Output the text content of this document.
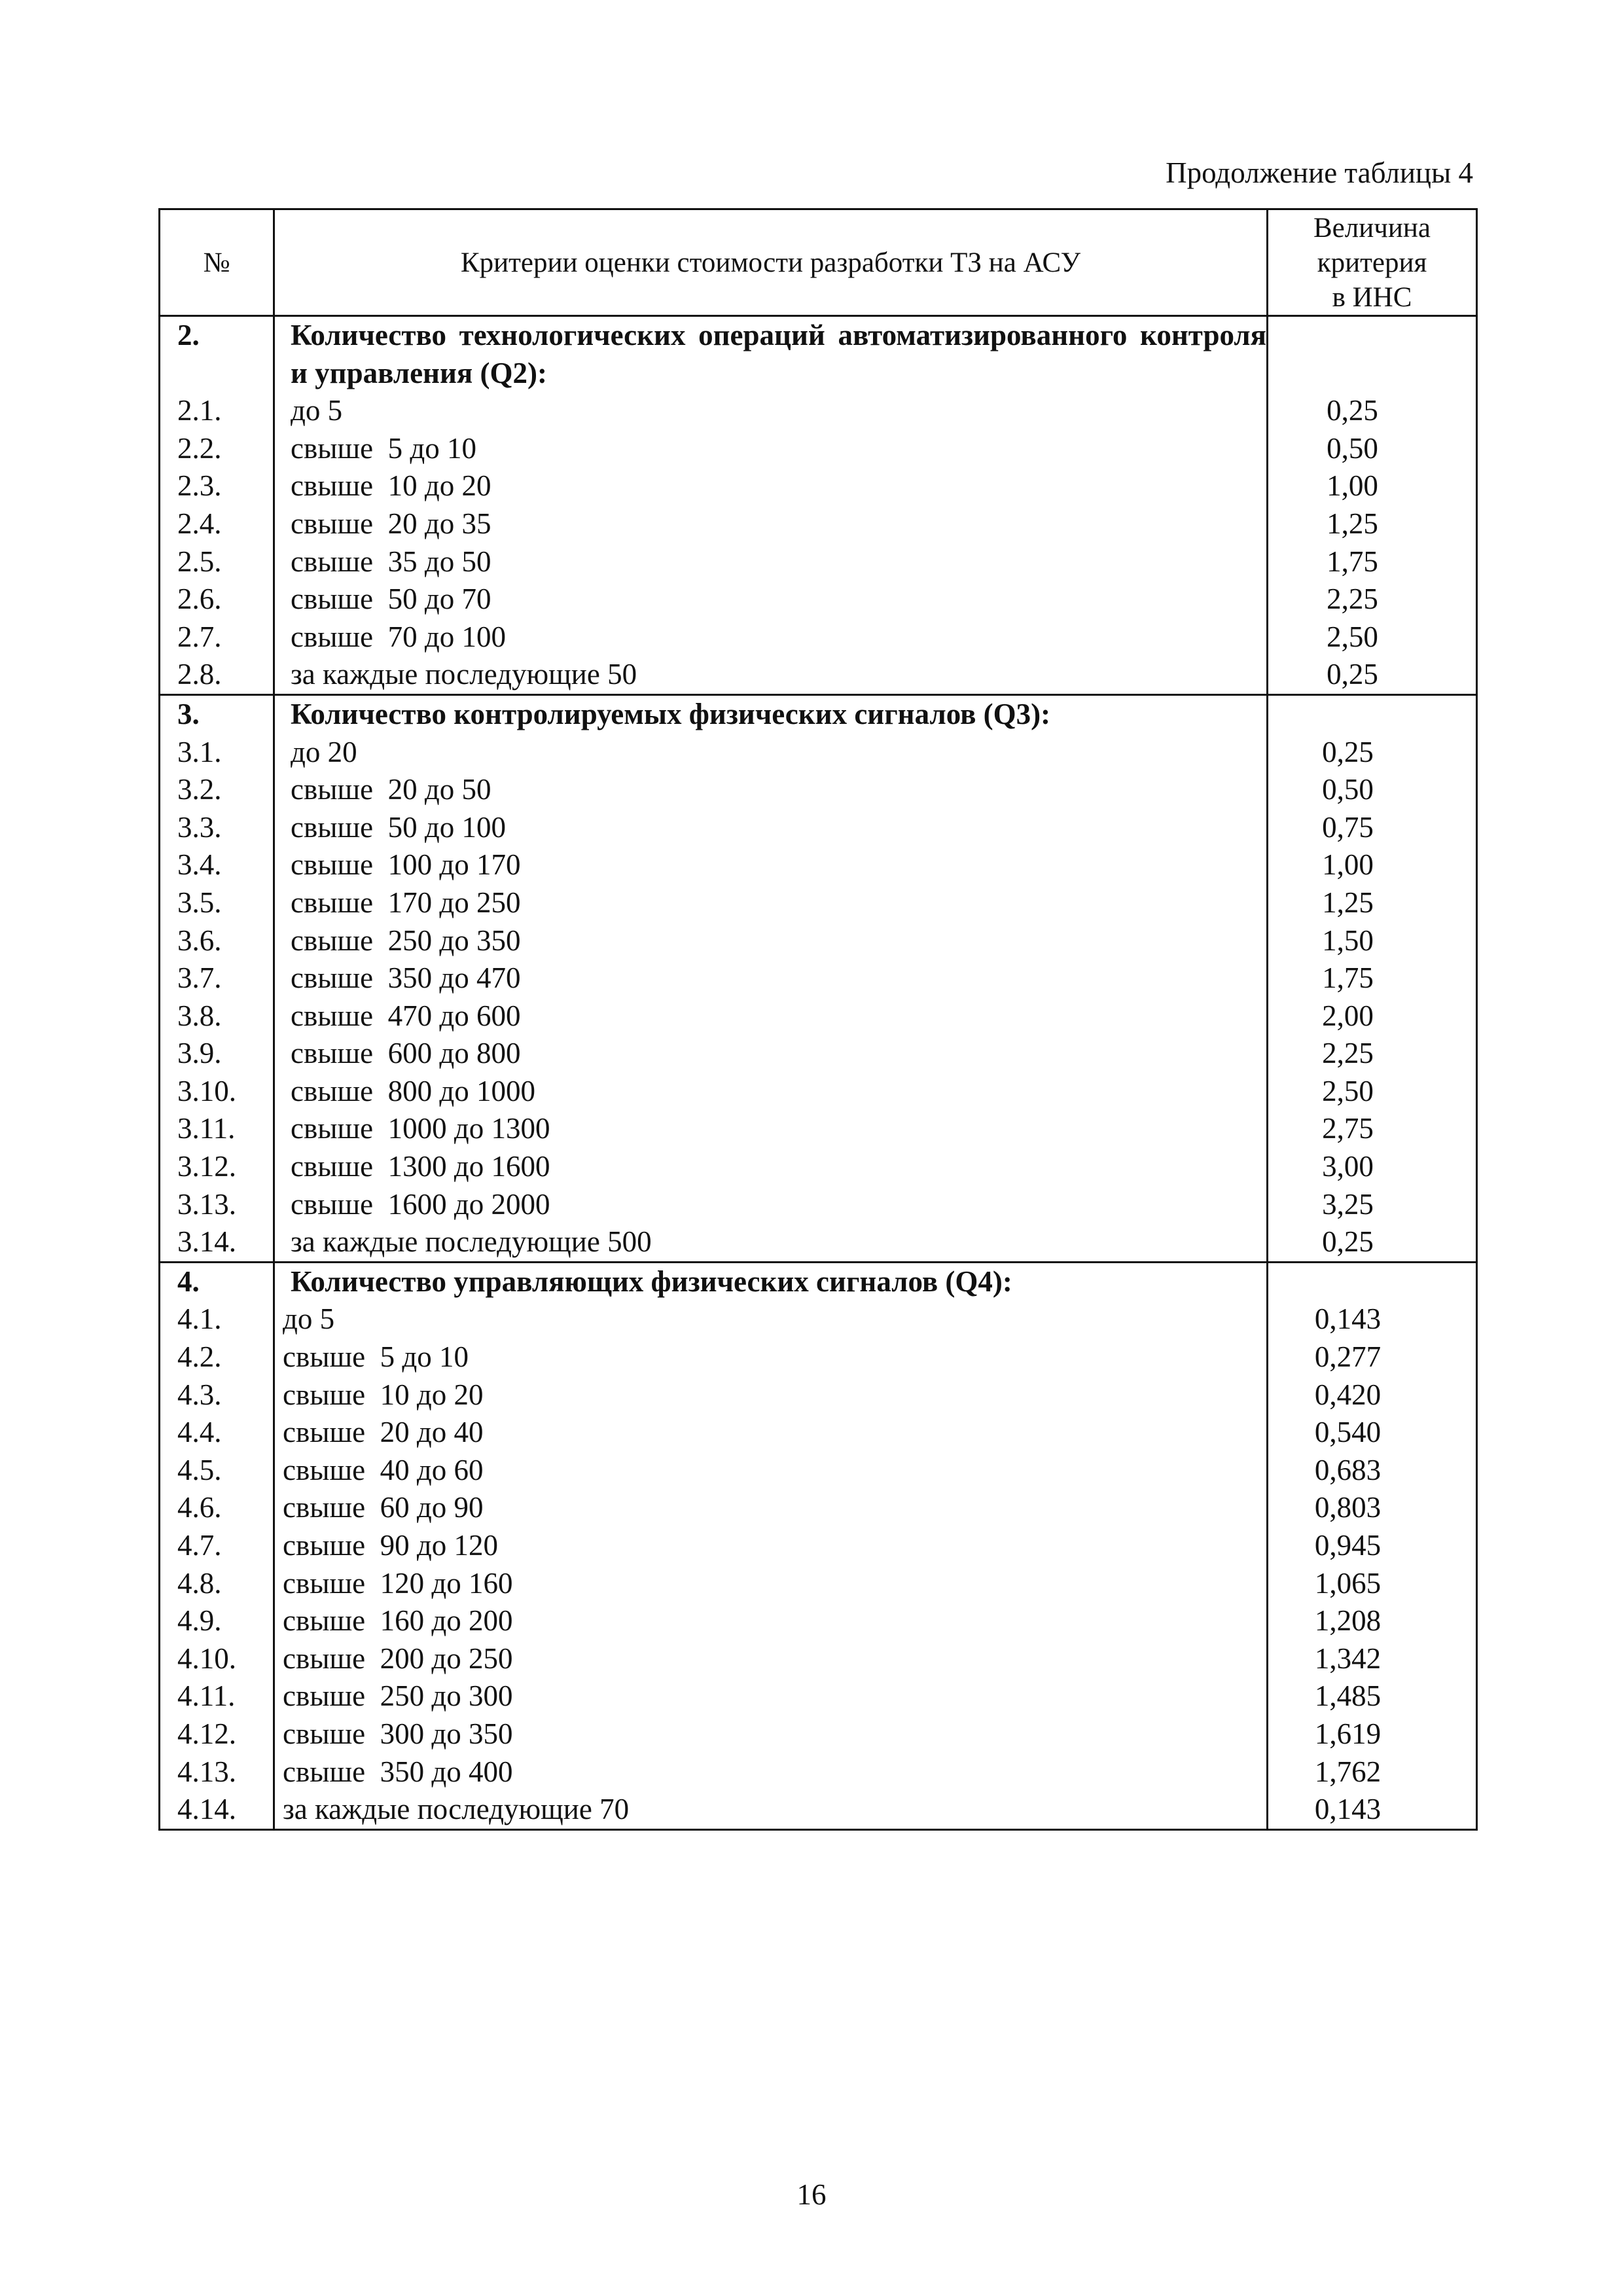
Продолжение таблицы 4
№	Критерии оценки стоимости разработки ТЗ на АСУ	Величина
критерия
в ИНС

2.	Количество технологических операций автоматизированного контроля и управления (Q2):	
2.1.	до 5	0,25
2.2.	свыше  5 до 10	0,50
2.3.	свыше  10 до 20	1,00
2.4.	свыше  20 до 35	1,25
2.5.	свыше  35 до 50	1,75
2.6.	свыше  50 до 70	2,25
2.7.	свыше  70 до 100	2,50
2.8.	за каждые последующие 50	0,25
3.	Количество контролируемых физических сигналов (Q3):	
3.1.	до 20	0,25
3.2.	свыше  20 до 50	0,50
3.3.	свыше  50 до 100	0,75
3.4.	свыше  100 до 170	1,00
3.5.	свыше  170 до 250	1,25
3.6.	свыше  250 до 350	1,50
3.7.	свыше  350 до 470	1,75
3.8.	свыше  470 до 600	2,00
3.9.	свыше  600 до 800	2,25
3.10.	свыше  800 до 1000	2,50
3.11.	свыше  1000 до 1300	2,75
3.12.	свыше  1300 до 1600	3,00
3.13.	свыше  1600 до 2000	3,25
3.14.	за каждые последующие 500	0,25
4.	Количество управляющих физических сигналов (Q4):	
4.1.	до 5	0,143
4.2.	свыше  5 до 10	0,277
4.3.	свыше  10 до 20	0,420
4.4.	свыше  20 до 40	0,540
4.5.	свыше  40 до 60	0,683
4.6.	свыше  60 до 90	0,803
4.7.	свыше  90 до 120	0,945
4.8.	свыше  120 до 160	1,065
4.9.	свыше  160 до 200	1,208
4.10.	свыше  200 до 250	1,342
4.11.	свыше  250 до 300	1,485
4.12.	свыше  300 до 350	1,619
4.13.	свыше  350 до 400	1,762
4.14.	за каждые последующие 70	0,143
16
